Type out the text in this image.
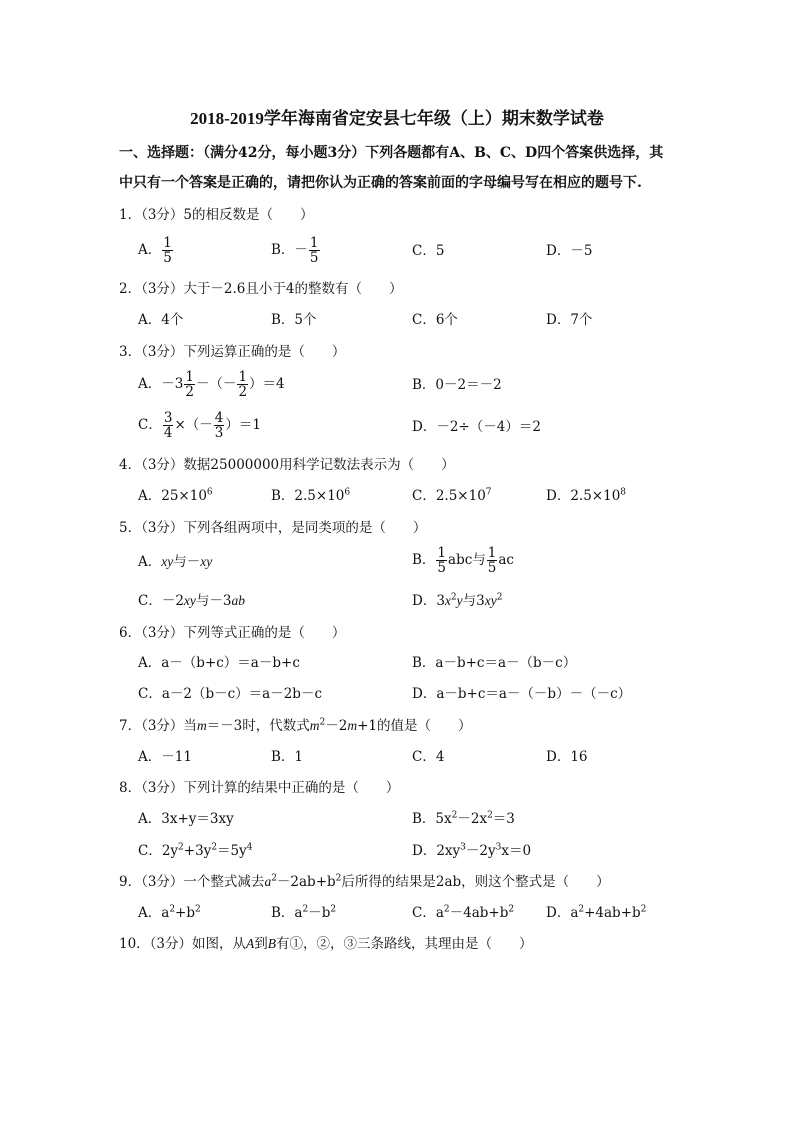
2018-2019学年海南省定安县七年级（上）期末数学试卷
一、选择题：（满分42分，每小题3分）下列各题都有A、B、C、D四个答案供选择，其
中只有一个答案是正确的，请把你认为正确的答案前面的字母编号写在相应的题号下.
1．（3分）5的相反数是（　　）
A． $\frac{1}{5}$	B．－ $\frac{1}{5}$	C．5	D．－5
2．（3分）大于－2.6且小于4的整数有（　　）
A．4个	B．5个	C．6个	D．7个
3．（3分）下列运算正确的是（　　）
A．$-3 \frac{1}{2}$ －（－ $\frac{1}{2} )=4$	B．0－2＝－2
C． $\frac{3}{4}$ ×（－ $\frac{4}{3} )=1$	D．－2÷（－4）＝2
4．（3分）数据25000000用科学记数法表示为（　　）
A．$25\times 10^6$	B．$2.5\times 10^6$	C．$2.5\times 10^7$	D．$2.5\times 10^8$
5．（3分）下列各组两项中，是同类项的是（　　）
A．xy与－xy	B． $\frac{1}{5}$ abc与 $\frac{1}{5}$ ac
C．－2xy与－3ab	D．$3x^2y$与$3xy^2$
6．（3分）下列等式正确的是（　　）
A．a－（b+c）＝a－b+c	B．a－b+c＝a－（b－c）
C．a－2（b－c）＝a－2b－c	D．a－b+c＝a－（－b）－（－c）
7．（3分）当m＝－3时，代数式$m^2-2m+1$的值是（　　）
A．－11	B．1	C．4	D．16
8．（3分）下列计算的结果中正确的是（　　）
A．3x+y＝3xy	B．$5x^2-2x^2=3$
C．$2y^2+3y^2=5y^4$	D．$2xy^3-2y^3x=0$
9．（3分）一个整式减去$a^2-2ab+b^2$后所得的结果是2ab，则这个整式是（　　）
A．$a^2+b^2$	B．$a^2-b^2$	C．$a^2-4ab+b^2$ D．$a^2+4ab+b^2$
10．（3分）如图，从A到B有①，②，③三条路线，其理由是（　　）
